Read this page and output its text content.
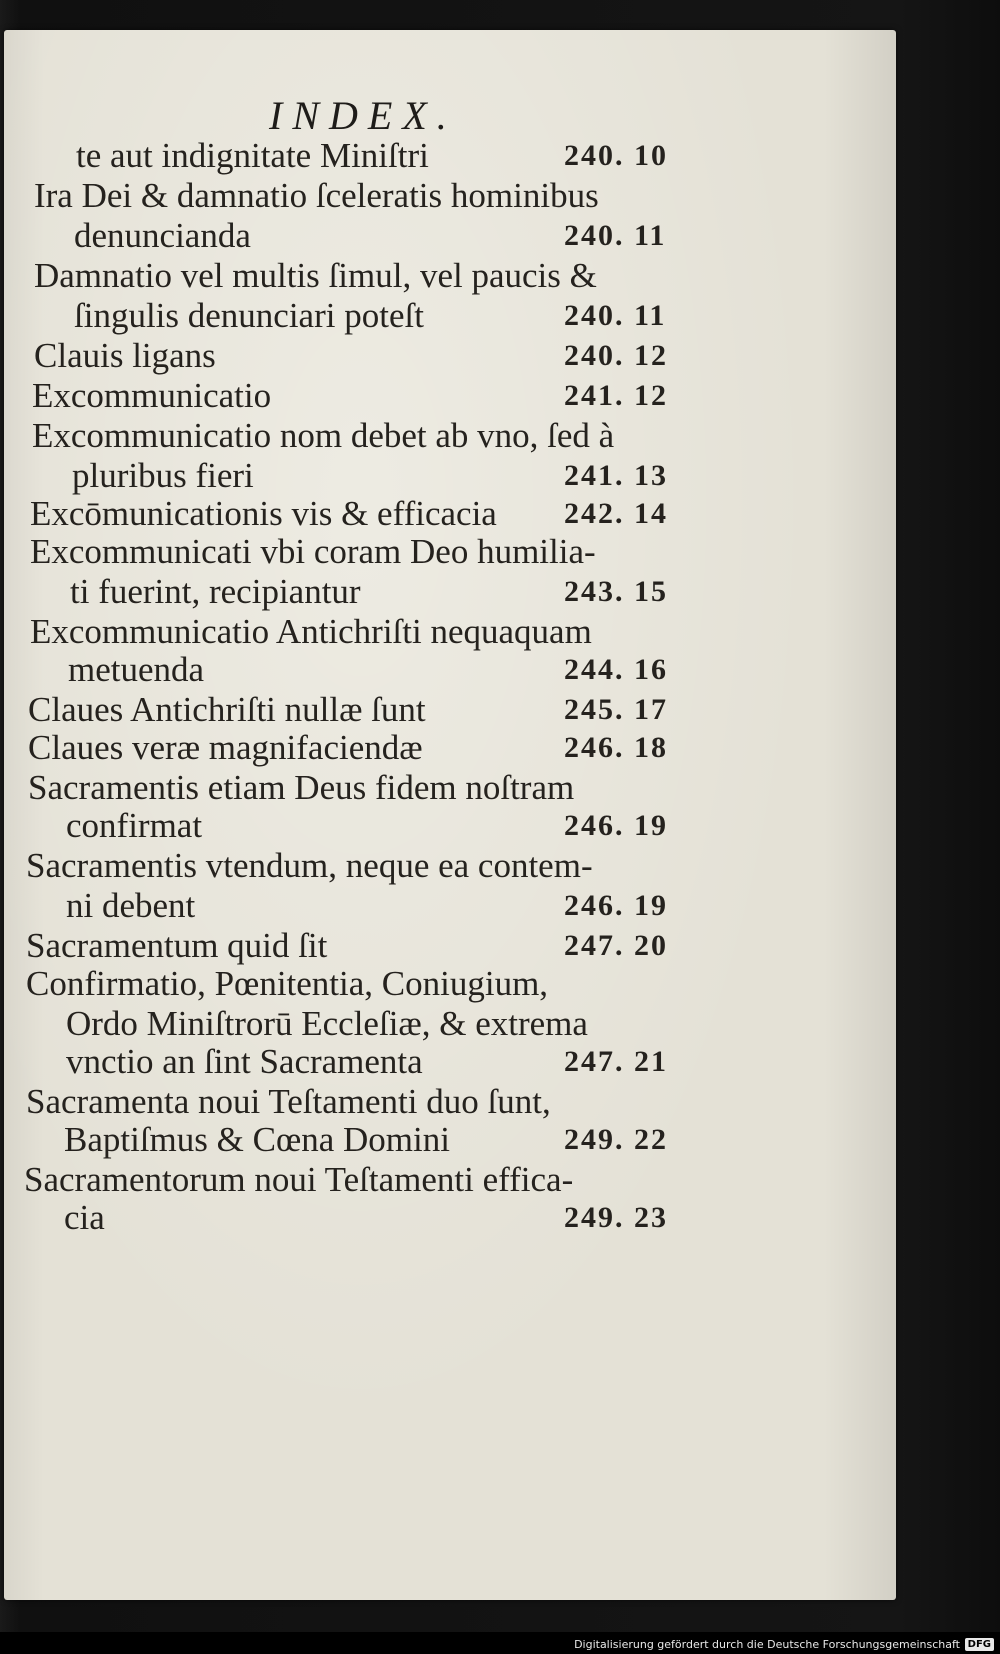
INDEX.
te aut indignitate Miniſtri	240. 10
Ira Dei & damnatio ſceleratis hominibus
denuncianda	240. 11
Damnatio vel multis ſimul, vel paucis &
ſingulis denunciari poteſt	240. 11
Clauis ligans	240. 12
Excommunicatio	241. 12
Excommunicatio nom debet ab vno, ſed à
pluribus fieri	241. 13
Excōmunicationis vis & efficacia 242. 14
Excommunicati vbi coram Deo humilia-
ti fuerint, recipiantur	243. 15
Excommunicatio Antichriſti nequaquam
metuenda	244. 16
Claues Antichriſti nullæ ſunt	245. 17
Claues veræ magnifaciendæ	246. 18
Sacramentis etiam Deus fidem noſtram
confirmat	246. 19
Sacramentis vtendum, neque ea contem-
ni debent	246. 19
Sacramentum quid ſit	247. 20
Confirmatio, Pœnitentia, Coniugium,
Ordo Miniſtrorū Eccleſiæ, & extrema
vnctio an ſint Sacramenta	247. 21
Sacramenta noui Teſtamenti duo ſunt,
Baptiſmus & Cœna Domini	249. 22
Sacramentorum noui Teſtamenti effica-
cia	249. 23
Digitalisierung gefördert durch die Deutsche Forschungsgemeinschaft DFG
